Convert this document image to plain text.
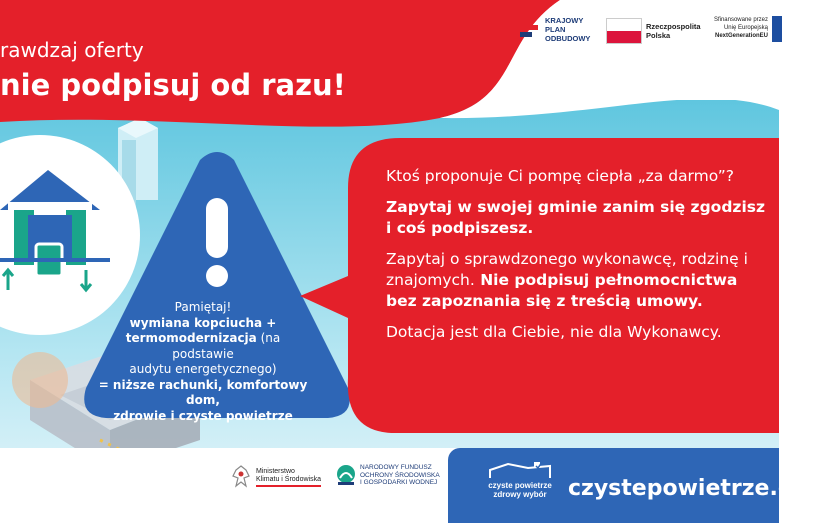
rawdzaj oferty
nie podpisuj od razu!
KRAJOWY
PLAN
ODBUDOWY
Rzeczpospolita
Polska
Sfinansowane przez
Unię Europejską
NextGenerationEU
Pamiętaj!
wymiana kopciucha +
termomodernizacja (na podstawie
audytu energetycznego)
= niższe rachunki, komfortowy dom,
zdrowie i czyste powietrze

Ktoś proponuje Ci pompę ciepła „za darmo”?

Zapytaj w swojej gminie zanim się zgodzisz i coś podpiszesz.

Zapytaj o sprawdzonego wykonawcę, rodzinę i znajomych. Nie podpisuj pełnomocnictwa bez zapoznania się z treścią umowy.

Dotacja jest dla Ciebie, nie dla Wykonawcy.

Ministerstwo
Klimatu i Środowiska
NARODOWY FUNDUSZ
OCHRONY ŚRODOWISKA
I GOSPODARKI WODNEJ	czyste powietrze
zdrowy wybór czystepowietrze.gov
